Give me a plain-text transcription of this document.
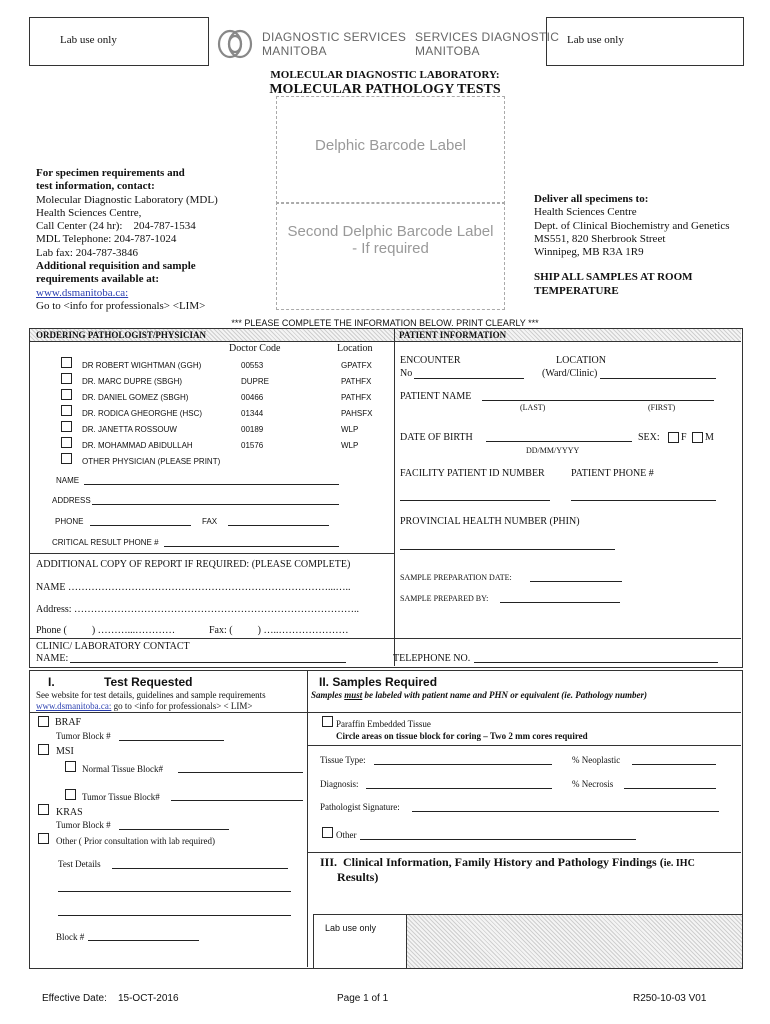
Lab use only	Lab use only
DIAGNOSTIC SERVICES
MANITOBA
SERVICES DIAGNOSTIC
MANITOBA
MOLECULAR DIAGNOSTIC LABORATORY:
MOLECULAR PATHOLOGY TESTS
Delphic Barcode Label
Second Delphic Barcode Label
- If required
For specimen requirements and
test information, contact:
Molecular Diagnostic Laboratory (MDL)
Health Sciences Centre,
Call Center (24 hr):    204-787-1534
MDL Telephone: 204-787-1024
Lab fax: 204-787-3846
Additional requisition and sample
requirements available at:
www.dsmanitoba.ca:
Go to <info for professionals> <LIM>
Deliver all specimens to:
Health Sciences Centre
Dept. of Clinical Biochemistry and Genetics
MS551, 820 Sherbrook Street
Winnipeg, MB R3A 1R9
SHIP ALL SAMPLES AT ROOM
TEMPERATURE
*** PLEASE COMPLETE THE INFORMATION BELOW. PRINT CLEARLY ***
ORDERING PATHOLOGIST/PHYSICIAN	PATIENT INFORMATION
Doctor Code	Location
DR ROBERT WIGHTMAN (GGH)	00553	GPATFX
DR. MARC DUPRE (SBGH)	DUPRE	PATHFX
DR. DANIEL GOMEZ (SBGH)	00466	PATHFX
DR. RODICA GHEORGHE (HSC)	01344	PAHSFX
DR. JANETTA ROSSOUW	00189	WLP
DR. MOHAMMAD ABIDULLAH	01576	WLP
OTHER PHYSICIAN (PLEASE PRINT)
NAME
ADDRESS
PHONE	FAX
CRITICAL RESULT PHONE #
ENCOUNTER
No
LOCATION
(Ward/Clinic)
PATIENT NAME
(LAST)	(FIRST)
DATE OF BIRTH	SEX: F M
DD/MM/YYYY
FACILITY PATIENT ID NUMBER	PATIENT PHONE #
PROVINCIAL HEALTH NUMBER (PHIN)
SAMPLE PREPARATION DATE:
SAMPLE PREPARED BY:
ADDITIONAL COPY OF REPORT IF REQUIRED: (PLEASE COMPLETE)
NAME ……………………………………………………………………...…..
Address: …………………………………………………………………………..
Phone (          ) ………...…………	Fax: (          ) …..…………………
CLINIC/ LABORATORY CONTACT
NAME:	TELEPHONE NO.
I.	Test Requested
See website for test details, guidelines and sample requirements
www.dsmanitoba.ca: go to <info for professionals> < LIM>
BRAF
Tumor Block #
MSI
Normal Tissue Block#
Tumor Tissue Block#
KRAS
Tumor Block #
Other ( Prior consultation with lab required)
Test Details
Block #
II. Samples Required
Samples must be labeled with patient name and PHN or equivalent (ie. Pathology number)
Paraffin Embedded Tissue
Circle areas on tissue block for coring – Two 2 mm cores required
Tissue Type:	% Neoplastic
Diagnosis:	% Necrosis
Pathologist Signature:
Other
III.  Clinical Information, Family History and Pathology Findings (ie. IHC
Results)
Lab use only
Effective Date:    15-OCT-2016	Page 1 of 1	R250-10-03 V01
